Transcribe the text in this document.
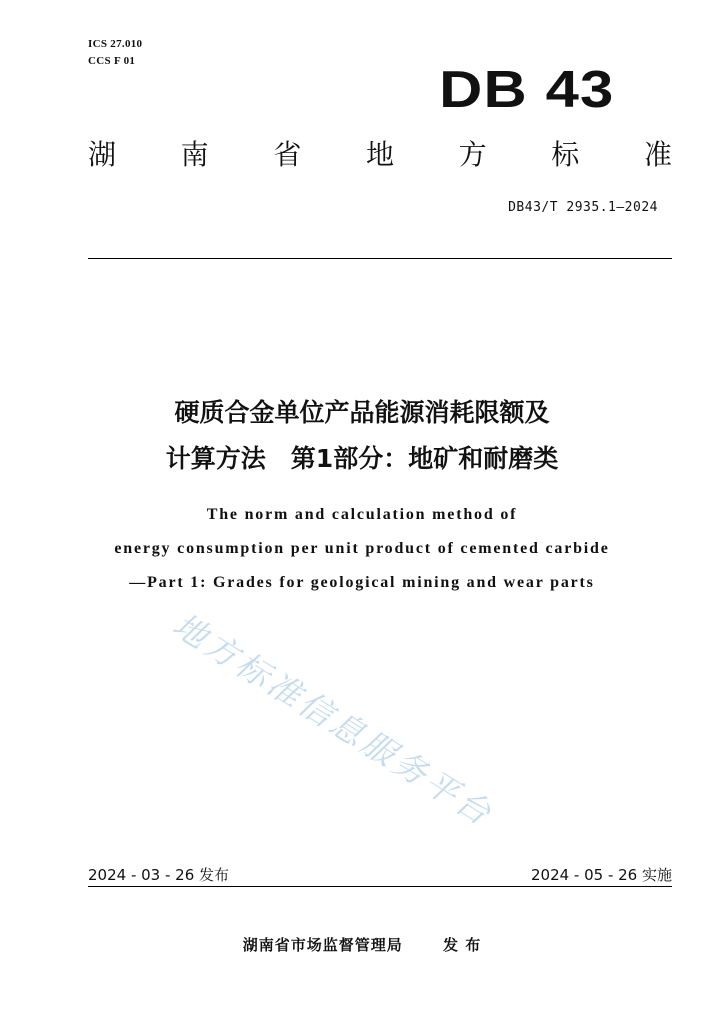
ICS 27.010
CCS F 01	DB 43
湖 南 省 地 方 标 准
DB43/T 2935.1—2024
硬质合金单位产品能源消耗限额及
计算方法　第1部分：地矿和耐磨类
The norm and calculation method of
energy consumption per unit product of cemented carbide
—Part 1: Grades for geological mining and wear parts
地方标准信息服务平台
2024 - 03 - 26 发布	2024 - 05 - 26 实施
湖南省市场监督管理局	发 布
